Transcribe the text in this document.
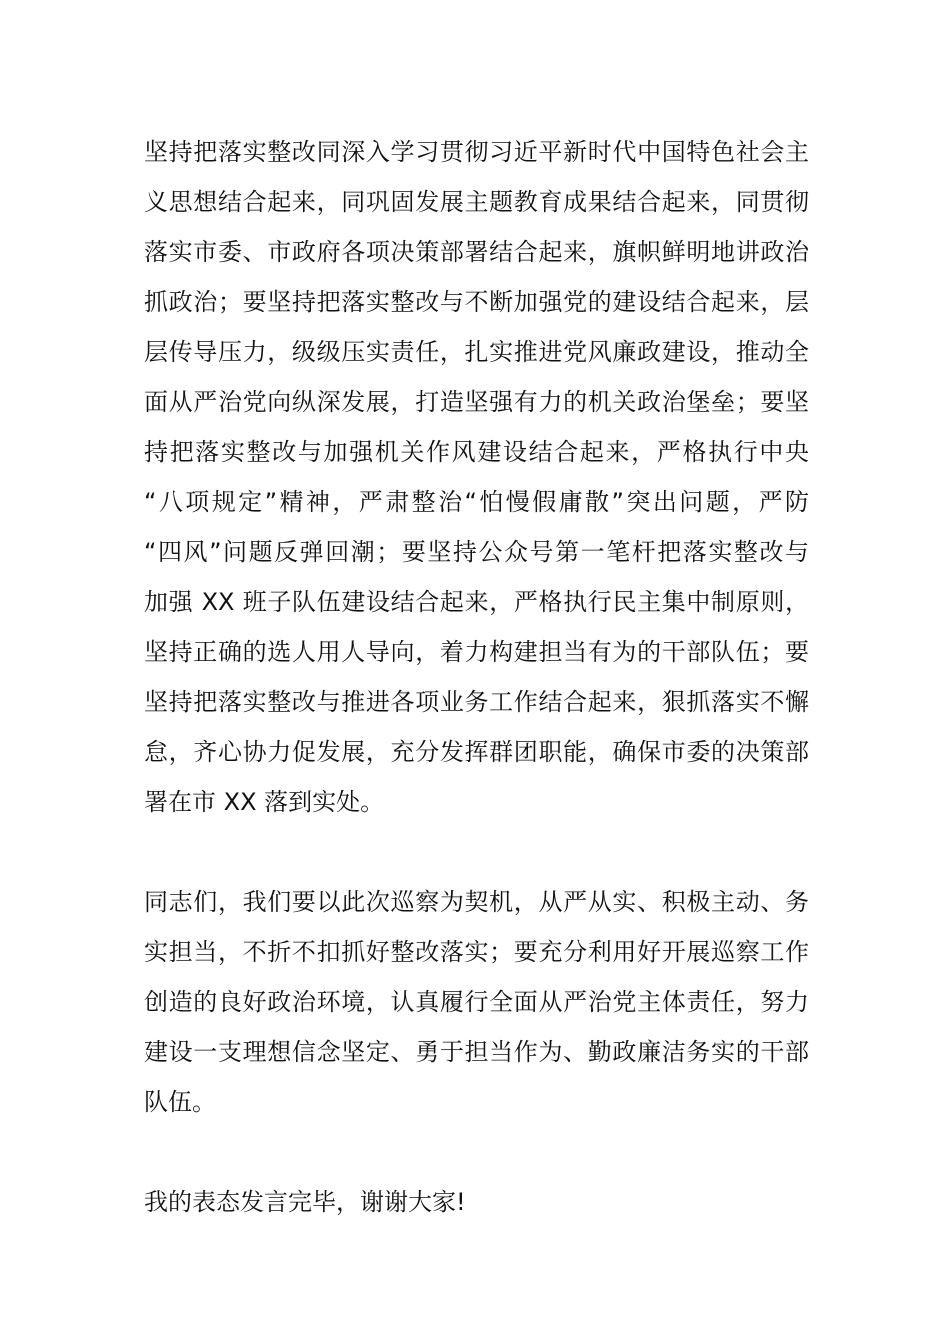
坚持把落实整改同深入学习贯彻习近平新时代中国特色社会主
义思想结合起来，同巩固发展主题教育成果结合起来，同贯彻
落实市委、市政府各项决策部署结合起来，旗帜鲜明地讲政治
抓政治；要坚持把落实整改与不断加强党的建设结合起来，层
层传导压力，级级压实责任，扎实推进党风廉政建设，推动全
面从严治党向纵深发展，打造坚强有力的机关政治堡垒；要坚
持把落实整改与加强机关作风建设结合起来，严格执行中央
“八项规定”精神，严肃整治“怕慢假庸散”突出问题，严防
“四风”问题反弹回潮；要坚持公众号第一笔杆把落实整改与
加强 XX 班子队伍建设结合起来，严格执行民主集中制原则，
坚持正确的选人用人导向，着力构建担当有为的干部队伍；要
坚持把落实整改与推进各项业务工作结合起来，狠抓落实不懈
怠，齐心协力促发展，充分发挥群团职能，确保市委的决策部
署在市 XX 落到实处。

同志们，我们要以此次巡察为契机，从严从实、积极主动、务
实担当，不折不扣抓好整改落实；要充分利用好开展巡察工作
创造的良好政治环境，认真履行全面从严治党主体责任，努力
建设一支理想信念坚定、勇于担当作为、勤政廉洁务实的干部
队伍。

我的表态发言完毕，谢谢大家!
